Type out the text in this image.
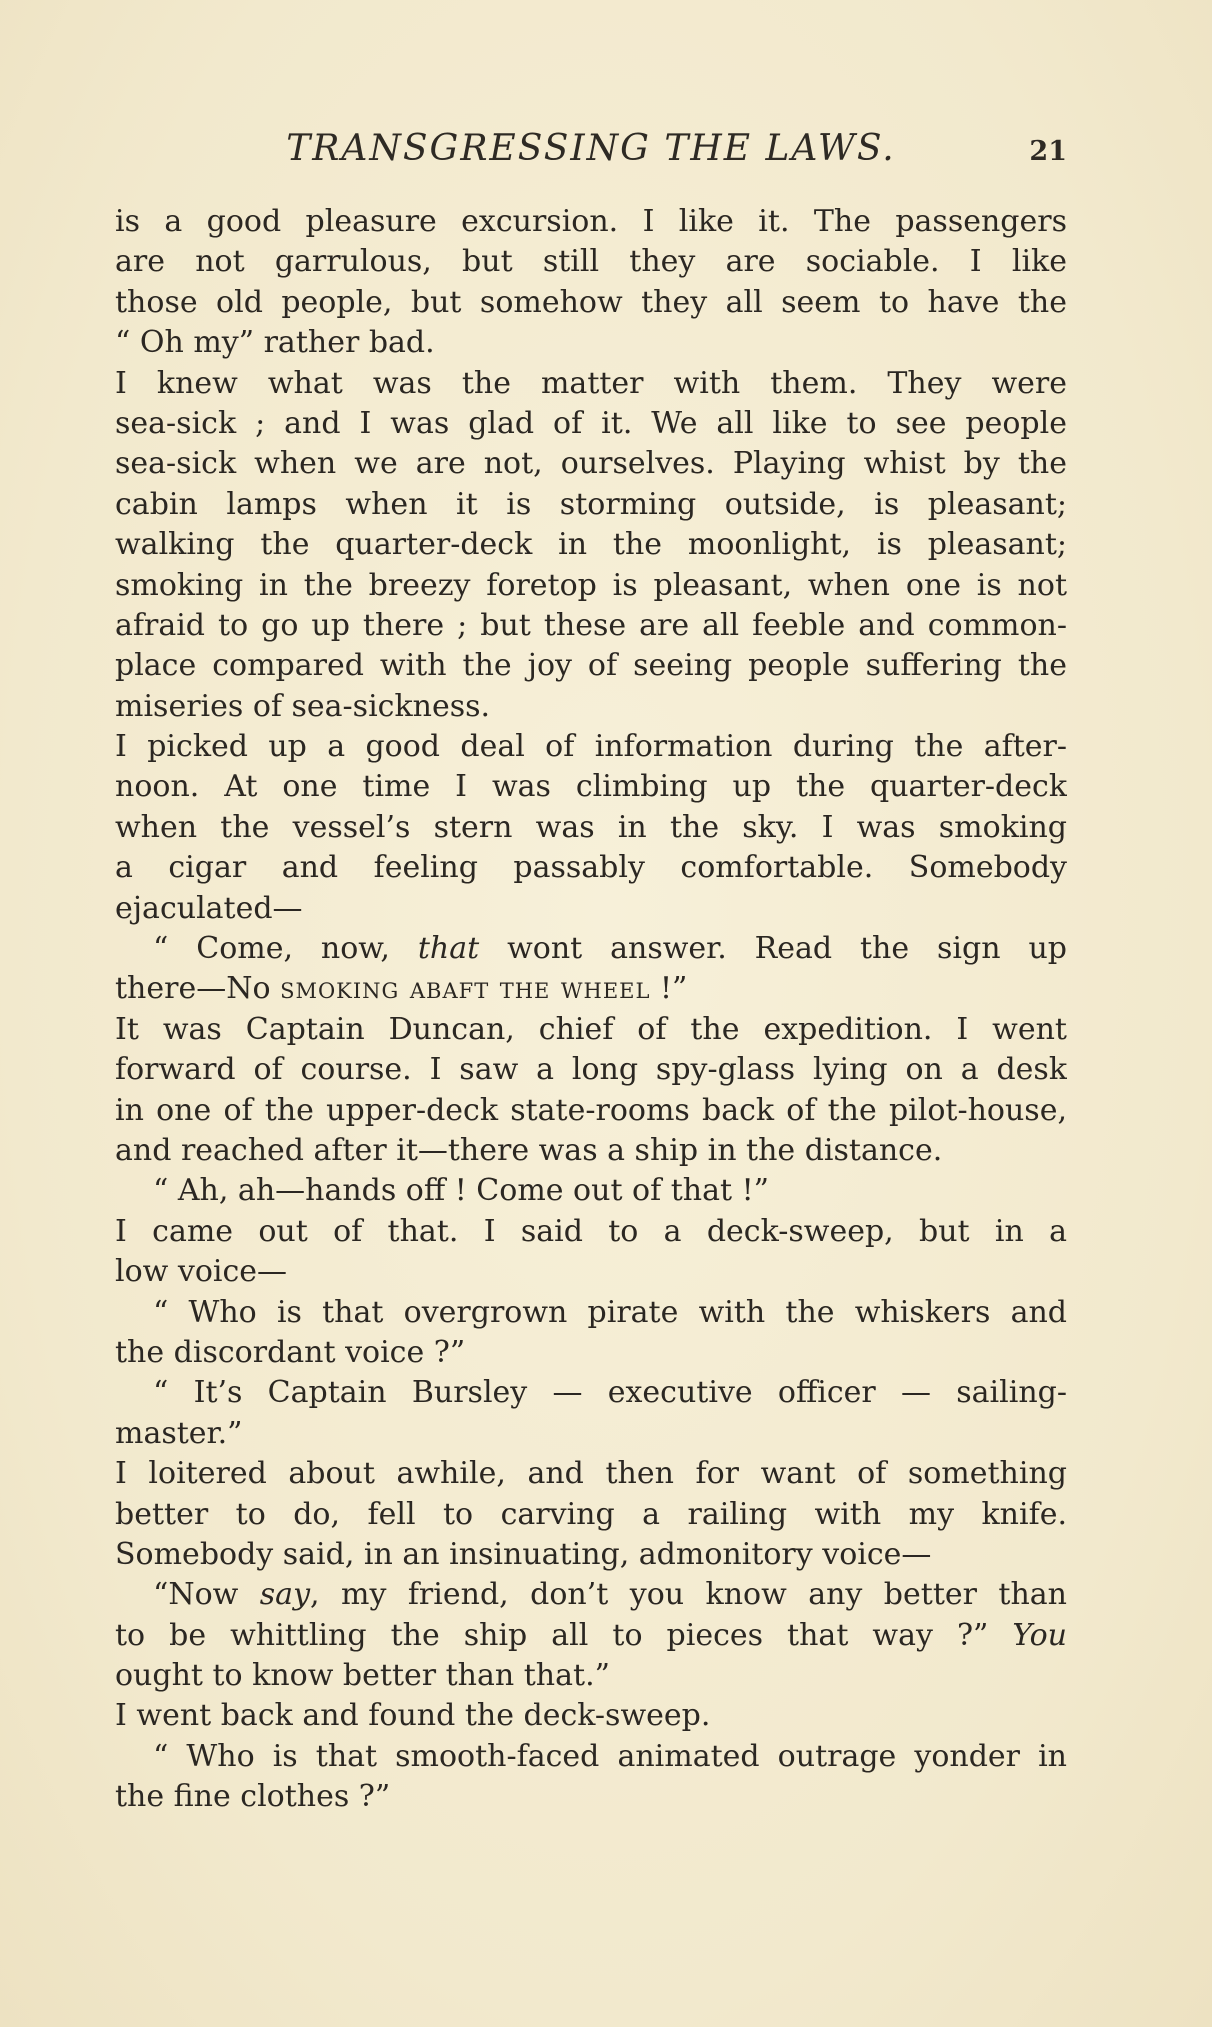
TRANSGRESSING THE LAWS.	21
is a good pleasure excursion. I like it. The passengers
are not garrulous, but still they are sociable. I like
those old people, but somehow they all seem to have the
“ Oh my” rather bad.
I knew what was the matter with them. They were
sea-sick ; and I was glad of it. We all like to see people
sea-sick when we are not, ourselves. Playing whist by the
cabin lamps when it is storming outside, is pleasant;
walking the quarter-deck in the moonlight, is pleasant;
smoking in the breezy foretop is pleasant, when one is not
afraid to go up there ; but these are all feeble and common-
place compared with the joy of seeing people suffering the
miseries of sea-sickness.
I picked up a good deal of information during the after-
noon. At one time I was climbing up the quarter-deck
when the vessel’s stern was in the sky. I was smoking
a cigar and feeling passably comfortable. Somebody
ejaculated—
“ Come, now, that wont answer. Read the sign up
there—No smoking abaft the wheel !”
It was Captain Duncan, chief of the expedition. I went
forward of course. I saw a long spy-glass lying on a desk
in one of the upper-deck state-rooms back of the pilot-house,
and reached after it—there was a ship in the distance.
“ Ah, ah—hands off ! Come out of that !”
I came out of that. I said to a deck-sweep, but in a
low voice—
“ Who is that overgrown pirate with the whiskers and
the discordant voice ?”
“ It’s Captain Bursley — executive officer — sailing-
master.”
I loitered about awhile, and then for want of something
better to do, fell to carving a railing with my knife.
Somebody said, in an insinuating, admonitory voice—
“Now say, my friend, don’t you know any better than
to be whittling the ship all to pieces that way ?” You
ought to know better than that.”
I went back and found the deck-sweep.
“ Who is that smooth-faced animated outrage yonder in
the fine clothes ?”
